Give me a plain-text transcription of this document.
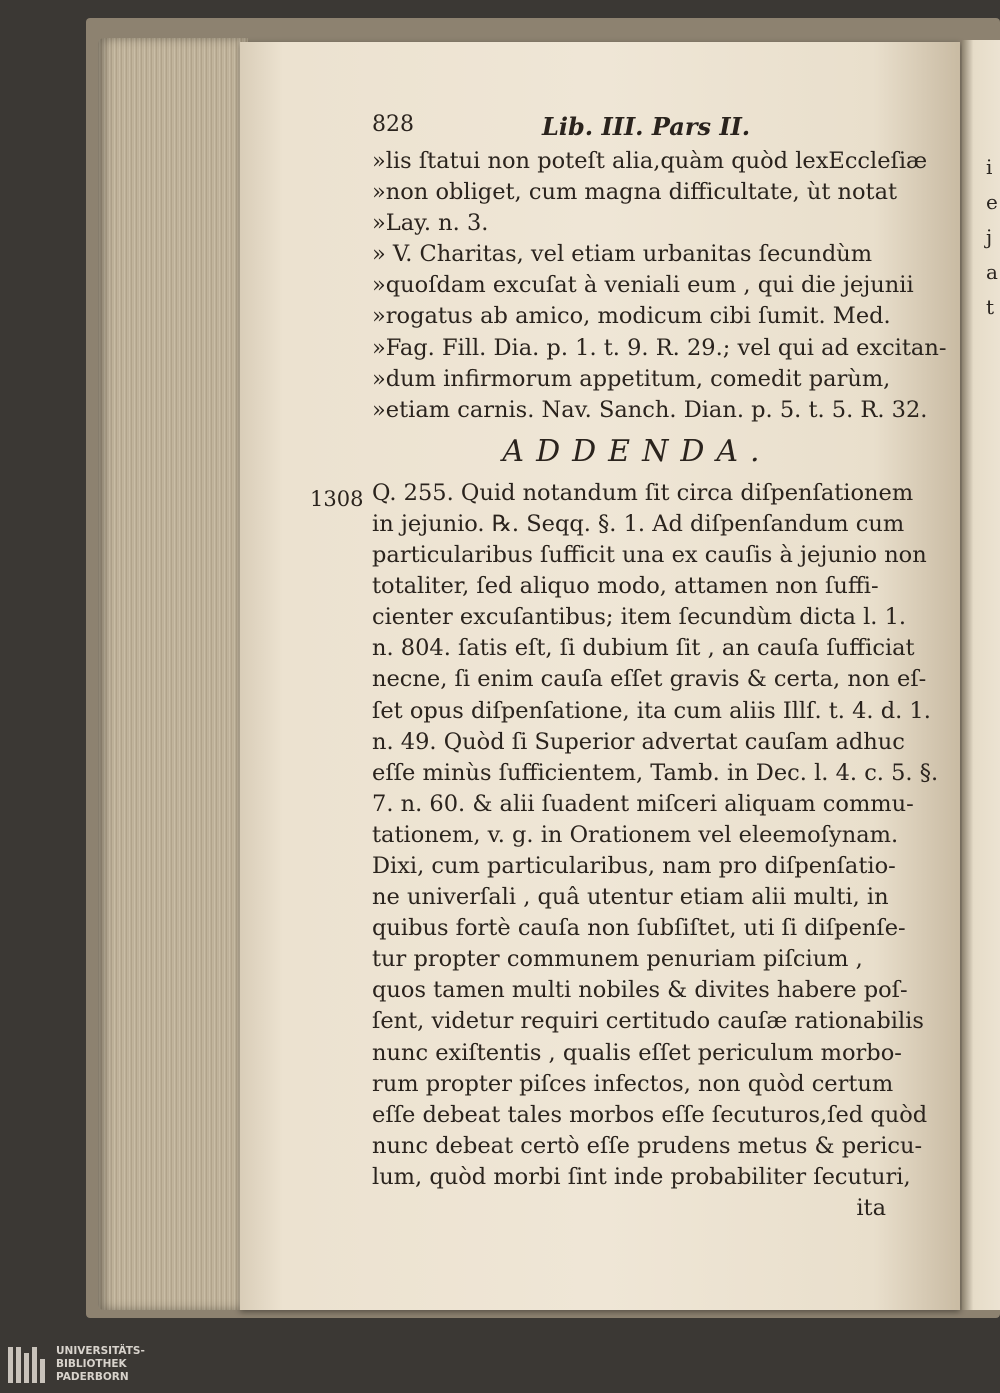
i
e
j
a
t
1308
828	Lib. III. Pars II.
»lis ſtatui non poteſt alia,quàm quòd lexEccleſiæ
»non obliget, cum magna difficultate, ùt notat
»Lay. n. 3.
» V. Charitas, vel etiam urbanitas ſecundùm
»quoſdam excuſat à veniali eum , qui die jejunii
»rogatus ab amico, modicum cibi ſumit. Med.
»Fag. Fill. Dia. p. 1. t. 9. R. 29.; vel qui ad excitan-
»dum infirmorum appetitum, comedit parùm,
»etiam carnis. Nav. Sanch. Dian. p. 5. t. 5. R. 32.
ADDENDA.
Q. 255. Quid notandum ſit circa diſpenſationem
in jejunio. ℞. Seqq. §. 1. Ad diſpenſandum cum
particularibus ſufficit una ex cauſis à jejunio non
totaliter, ſed aliquo modo, attamen non ſuffi-
cienter excuſantibus; item ſecundùm dicta l. 1.
n. 804. ſatis eſt, ſi dubium ſit , an cauſa ſufficiat
necne, ſi enim cauſa eſſet gravis & certa, non eſ-
ſet opus diſpenſatione, ita cum aliis Illſ. t. 4. d. 1.
n. 49. Quòd ſi Superior advertat cauſam adhuc
eſſe minùs ſufficientem, Tamb. in Dec. l. 4. c. 5. §.
7. n. 60. & alii ſuadent miſceri aliquam commu-
tationem, v. g. in Orationem vel eleemoſynam.
Dixi, cum particularibus, nam pro diſpenſatio-
ne univerſali , quâ utentur etiam alii multi, in
quibus fortè cauſa non ſubſiſtet, uti ſi diſpenſe-
tur propter communem penuriam piſcium ,
quos tamen multi nobiles & divites habere poſ-
ſent, videtur requiri certitudo cauſæ rationabilis
nunc exiſtentis , qualis eſſet periculum morbo-
rum propter piſces infectos, non quòd certum
eſſe debeat tales morbos eſſe ſecuturos,ſed quòd
nunc debeat certò eſſe prudens metus & pericu-
lum, quòd morbi ſint inde probabiliter ſecuturi,
ita
UNIVERSITÄTS-
BIBLIOTHEK
PADERBORN
